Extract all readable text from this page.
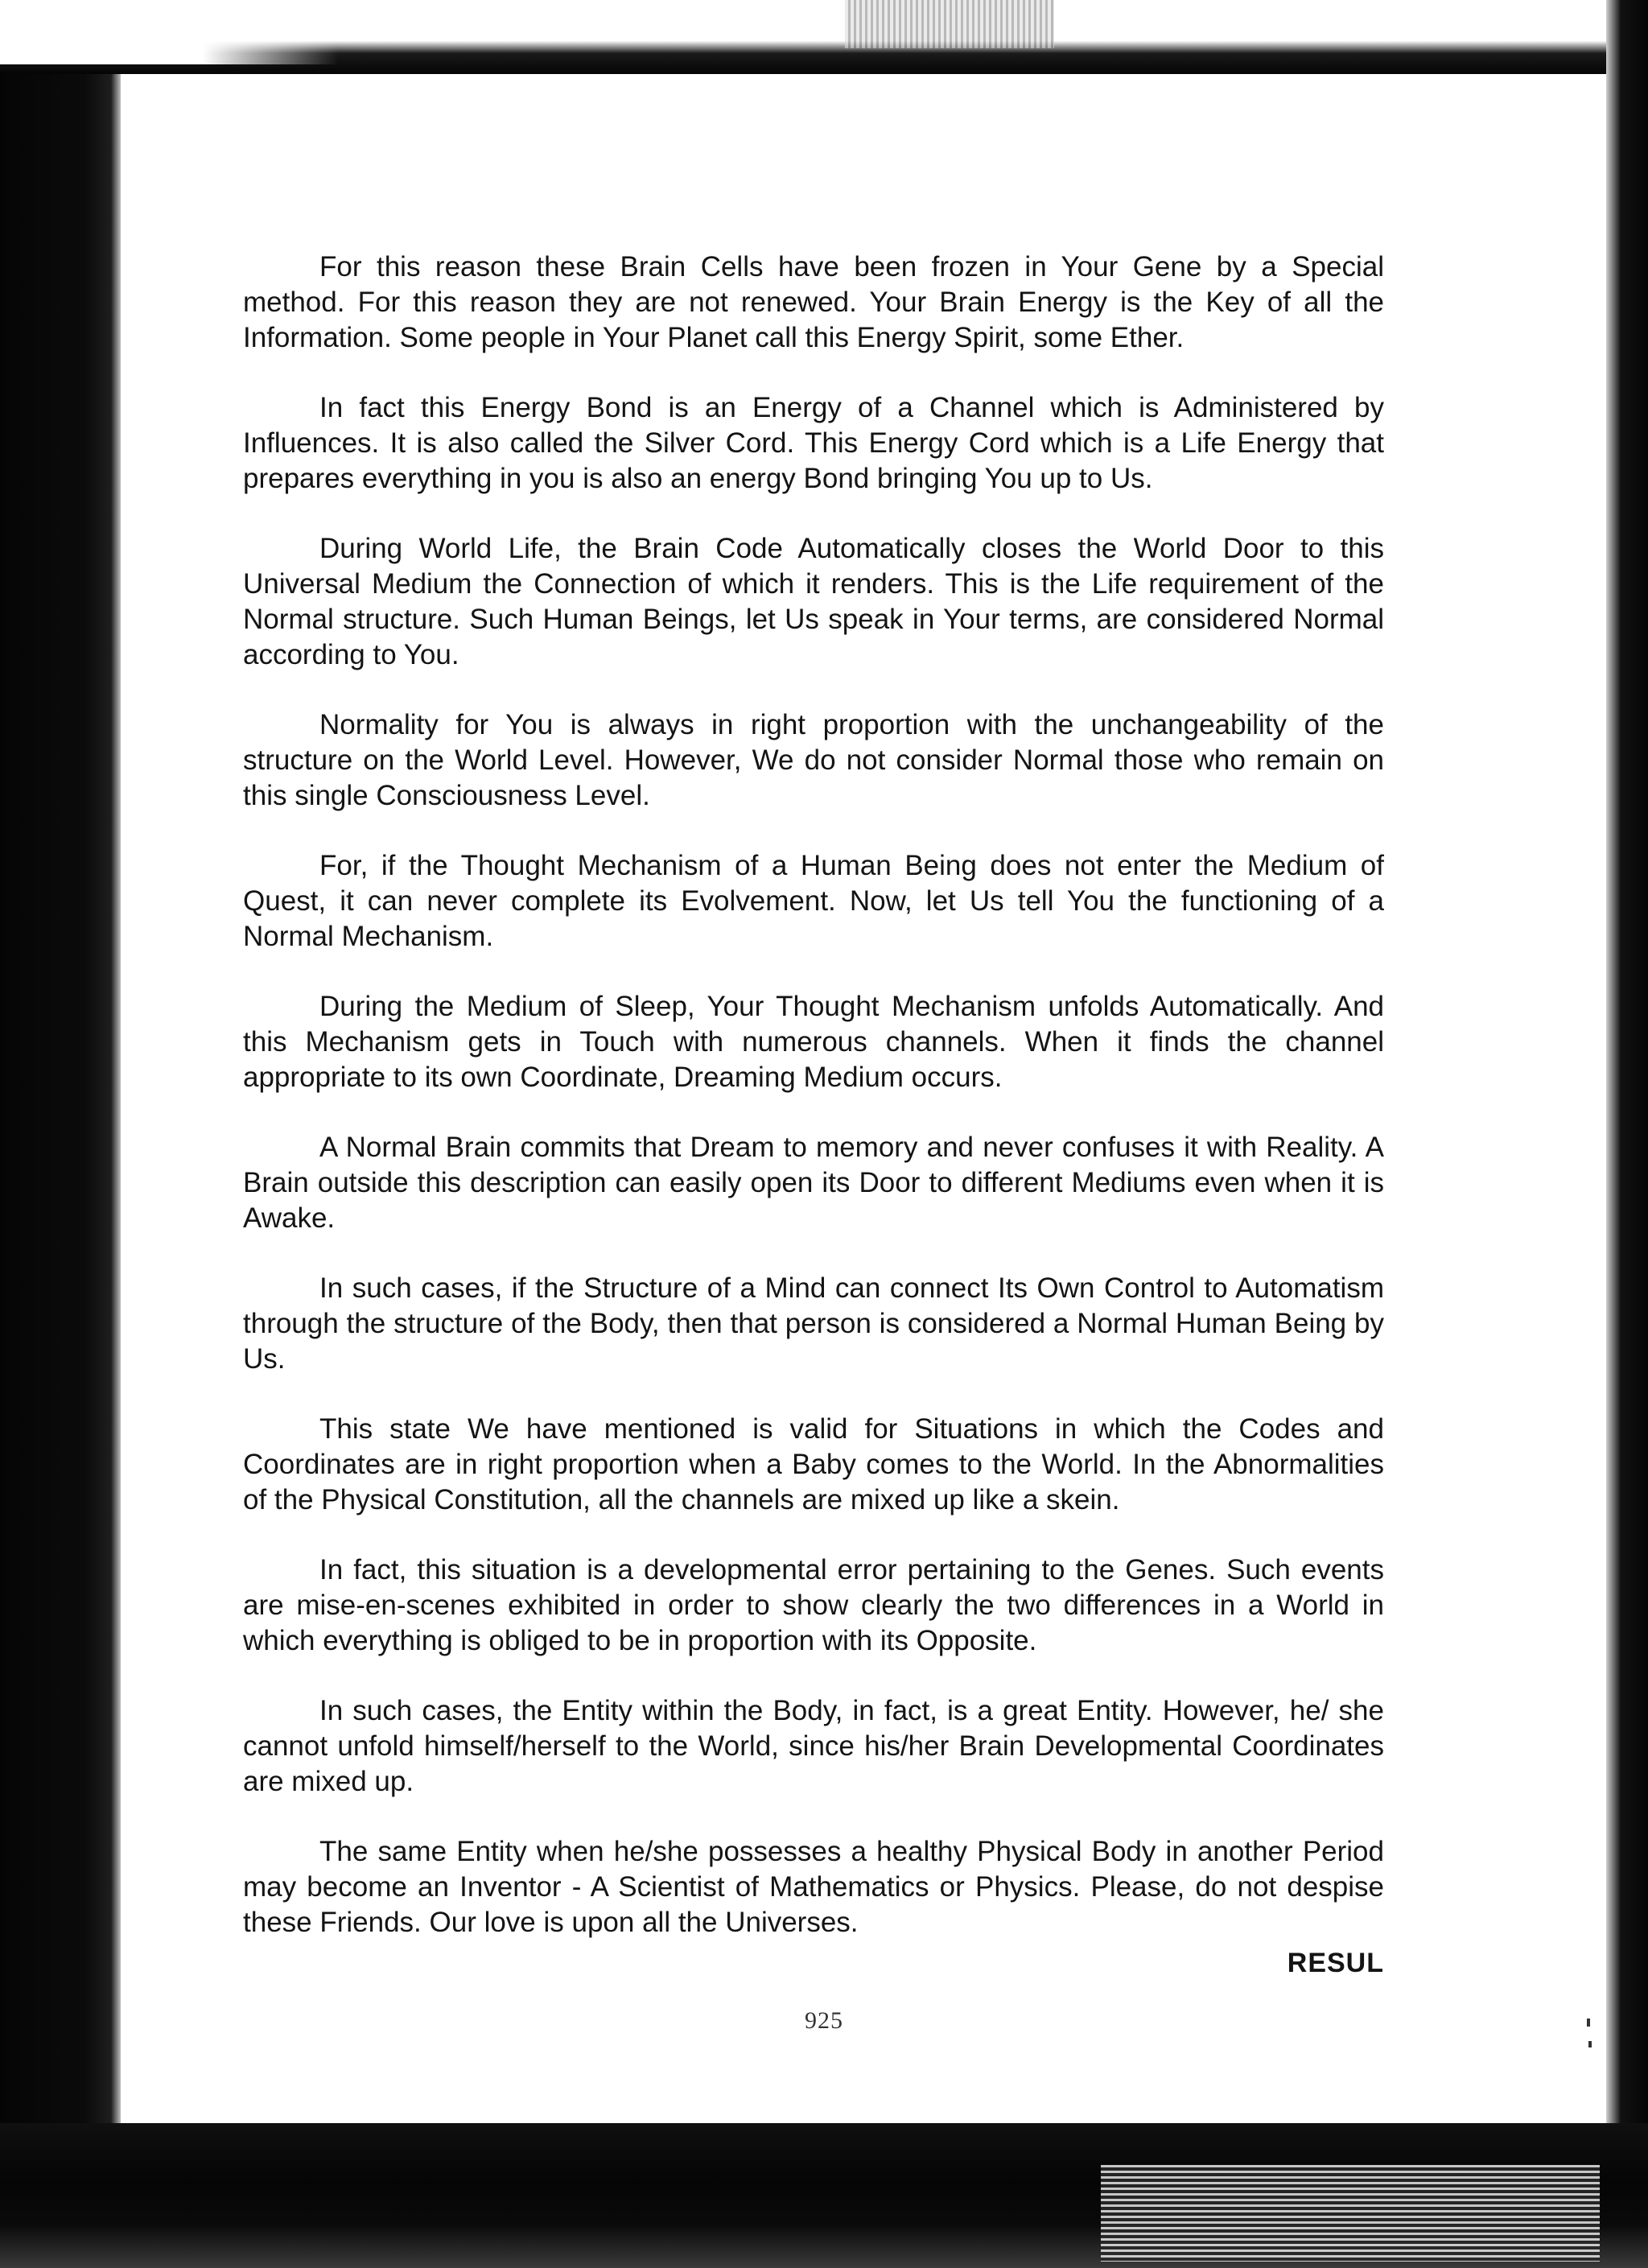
For this reason these Brain Cells have been frozen in Your Gene by a Special method. For this reason they are not renewed. Your Brain Energy is the Key of all the Information. Some people in Your Planet call this Energy Spirit, some Ether.

In fact this Energy Bond is an Energy of a Channel which is Administered by Influences. It is also called the Silver Cord. This Energy Cord which is a Life Energy that prepares everything in you is also an energy Bond bringing You up to Us.

During World Life, the Brain Code Automatically closes the World Door to this Universal Medium the Connection of which it renders. This is the Life requirement of the Normal structure. Such Human Beings, let Us speak in Your terms, are considered Normal according to You.

Normality for You is always in right proportion with the unchangeability of the structure on the World Level. However, We do not consider Normal those who remain on this single Consciousness Level.

For, if the Thought Mechanism of a Human Being does not enter the Medium of Quest, it can never complete its Evolvement. Now, let Us tell You the functioning of a Normal Mechanism.

During the Medium of Sleep, Your Thought Mechanism unfolds Automatically. And this Mechanism gets in Touch with numerous channels. When it finds the channel appropriate to its own Coordinate, Dreaming Medium occurs.

A Normal Brain commits that Dream to memory and never confuses it with Reality. A Brain outside this description can easily open its Door to different Mediums even when it is Awake.

In such cases, if the Structure of a Mind can connect Its Own Control to Automatism through the structure of the Body, then that person is considered a Normal Human Being by Us.

This state We have mentioned is valid for Situations in which the Codes and Coordinates are in right proportion when a Baby comes to the World. In the Abnormalities of the Physical Constitution, all the channels are mixed up like a skein.

In fact, this situation is a developmental error pertaining to the Genes. Such events are mise-en-scenes exhibited in order to show clearly the two differences in a World in which everything is obliged to be in proportion with its Opposite.

In such cases, the Entity within the Body, in fact, is a great Entity. However, he/ she cannot unfold himself/herself to the World, since his/her Brain Developmental Coordinates are mixed up.

The same Entity when he/she possesses a healthy Physical Body in another Period may become an Inventor - A Scientist of Mathematics or Physics. Please, do not despise these Friends. Our love is upon all the Universes.

RESUL
925
